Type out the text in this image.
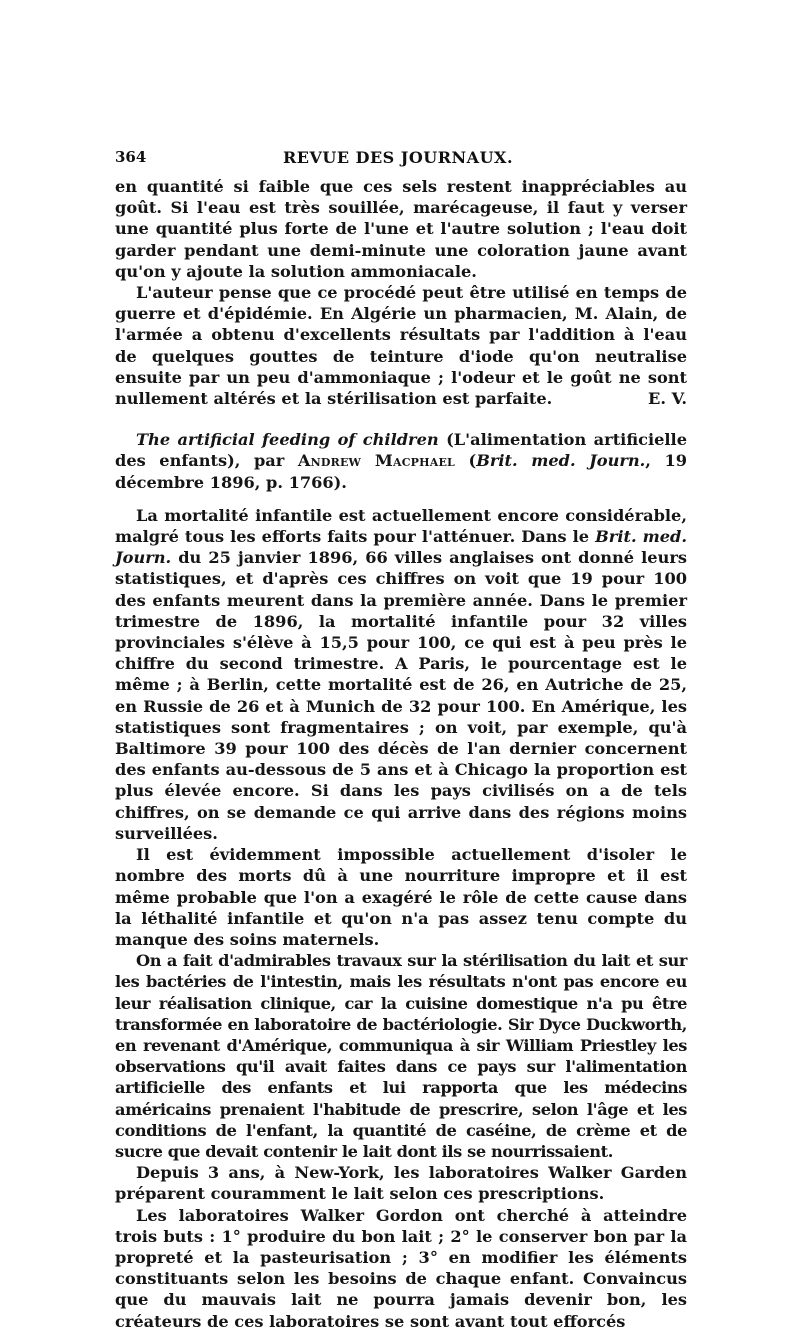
364	REVUE DES JOURNAUX.

en quantité si faible que ces sels restent inappréciables au goût. Si l'eau est très souillée, marécageuse, il faut y verser une quantité plus forte de l'une et l'autre solution ; l'eau doit garder pendant une demi-minute une coloration jaune avant qu'on y ajoute la solution ammoniacale.

L'auteur pense que ce procédé peut être utilisé en temps de guerre et d'épidémie. En Algérie un pharmacien, M. Alain, de l'armée a obtenu d'excellents résultats par l'addition à l'eau de quelques gouttes de teinture d'iode qu'on neutralise ensuite par un peu d'ammoniaque ; l'odeur et le goût ne sont nullement altérés et la stérilisation est parfaite.	E. V.

The artificial feeding of children (L'alimentation artificielle des enfants), par Andrew Macphael (Brit. med. Journ., 19 décembre 1896, p. 1766).

La mortalité infantile est actuellement encore considérable, malgré tous les efforts faits pour l'atténuer. Dans le Brit. med. Journ. du 25 janvier 1896, 66 villes anglaises ont donné leurs statistiques, et d'après ces chiffres on voit que 19 pour 100 des enfants meurent dans la première année. Dans le premier trimestre de 1896, la mortalité infantile pour 32 villes provinciales s'élève à 15,5 pour 100, ce qui est à peu près le chiffre du second trimestre. A Paris, le pourcentage est le même ; à Berlin, cette mortalité est de 26, en Autriche de 25, en Russie de 26 et à Munich de 32 pour 100. En Amérique, les statistiques sont fragmentaires ; on voit, par exemple, qu'à Baltimore 39 pour 100 des décès de l'an dernier concernent des enfants au-dessous de 5 ans et à Chicago la proportion est plus élevée encore. Si dans les pays civilisés on a de tels chiffres, on se demande ce qui arrive dans des régions moins surveillées.

Il est évidemment impossible actuellement d'isoler le nombre des morts dû à une nourriture impropre et il est même probable que l'on a exagéré le rôle de cette cause dans la léthalité infantile et qu'on n'a pas assez tenu compte du manque des soins maternels.

On a fait d'admirables travaux sur la stérilisation du lait et sur les bactéries de l'intestin, mais les résultats n'ont pas encore eu leur réalisation clinique, car la cuisine domestique n'a pu être transformée en laboratoire de bactériologie. Sir Dyce Duckworth, en revenant d'Amérique, communiqua à sir William Priestley les observations qu'il avait faites dans ce pays sur l'alimentation artificielle des enfants et lui rapporta que les médecins américains prenaient l'habitude de prescrire, selon l'âge et les conditions de l'enfant, la quantité de caséine, de crème et de sucre que devait contenir le lait dont ils se nourrissaient.

Depuis 3 ans, à New-York, les laboratoires Walker Garden préparent couramment le lait selon ces prescriptions.

Les laboratoires Walker Gordon ont cherché à atteindre trois buts : 1° produire du bon lait ; 2° le conserver bon par la propreté et la pasteurisation ; 3° en modifier les éléments constituants selon les besoins de chaque enfant. Convaincus que du mauvais lait ne pourra jamais devenir bon, les créateurs de ces laboratoires se sont avant tout efforcés
